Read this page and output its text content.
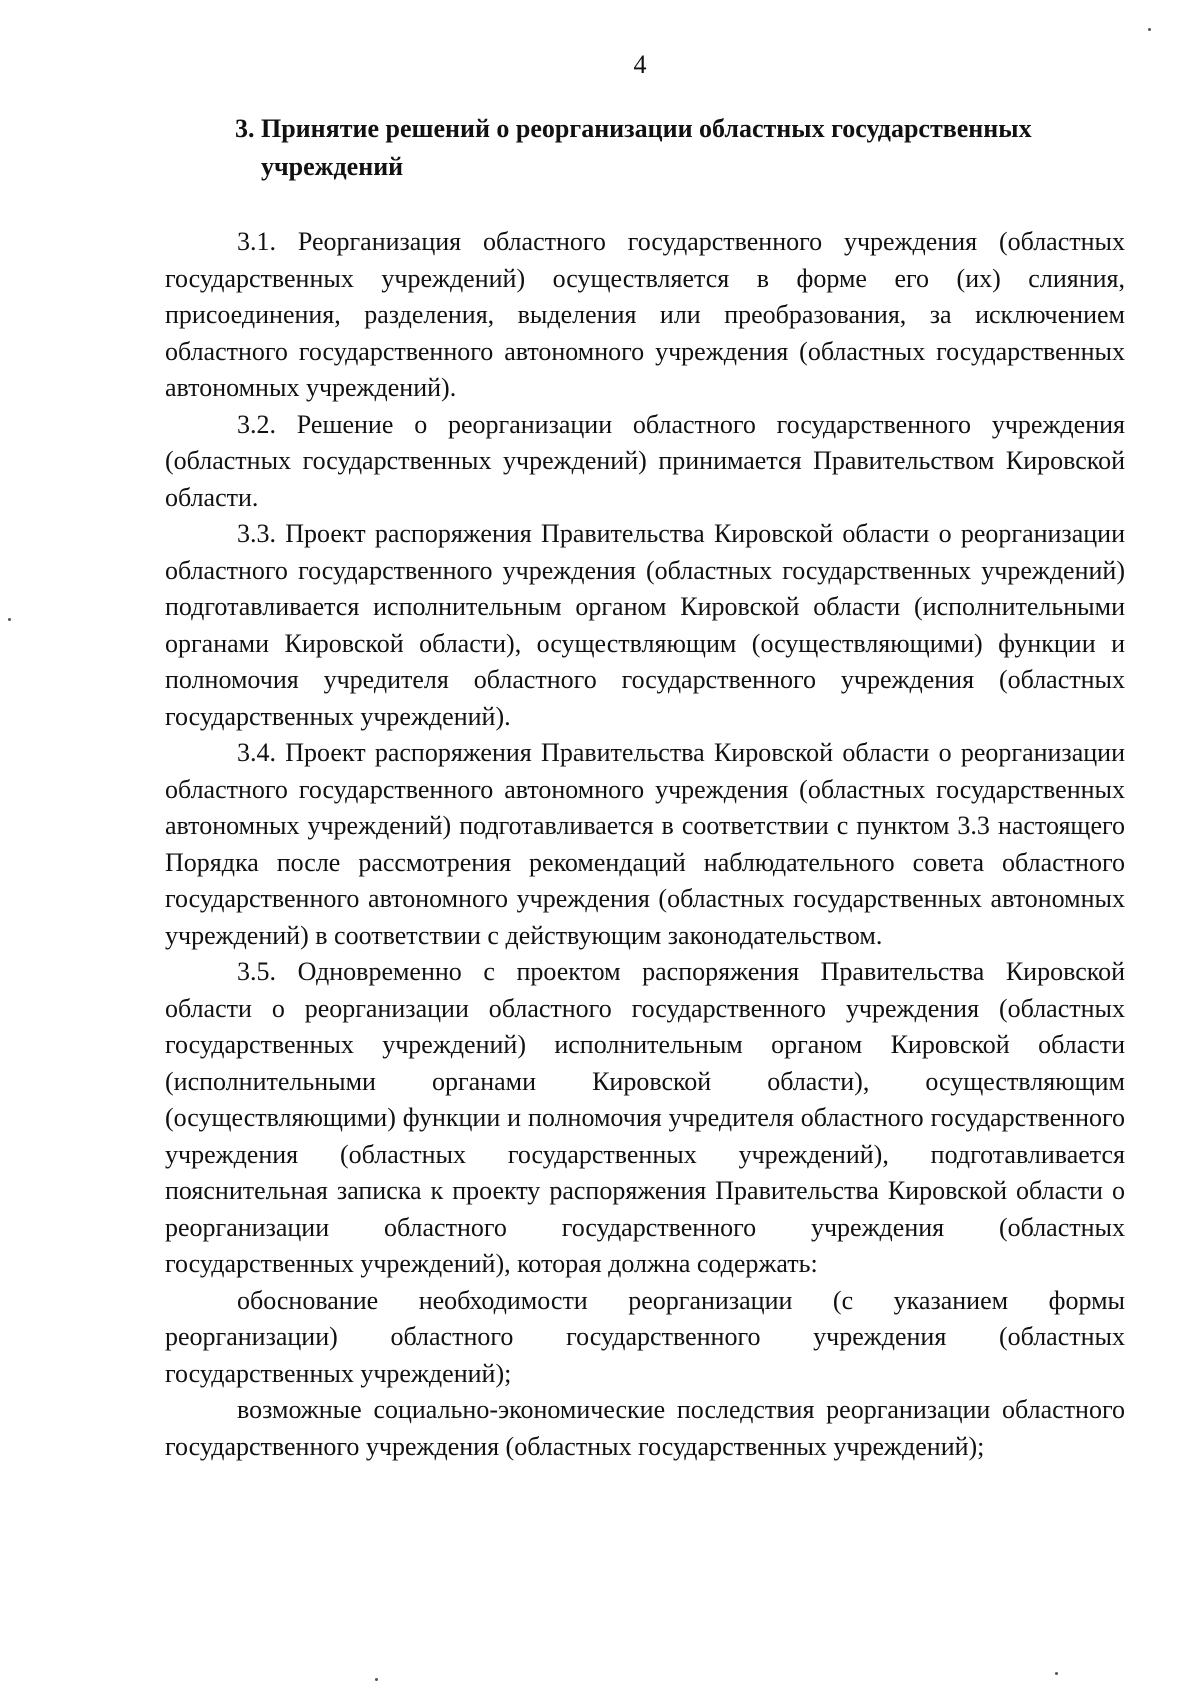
4

3. Принятие решений о реорганизации областных государственных учреждений

3.1. Реорганизация областного государственного учреждения (областных государственных учреждений) осуществляется в форме его (их) слияния, присоединения, разделения, выделения или преобразования, за исключением областного государственного автономного учреждения (областных государственных автономных учреждений).

3.2. Решение о реорганизации областного государственного учреждения (областных государственных учреждений) принимается Правительством Кировской области.

3.3. Проект распоряжения Правительства Кировской области о реорганизации областного государственного учреждения (областных государственных учреждений) подготавливается исполнительным органом Кировской области (исполнительными органами Кировской области), осуществляющим (осуществляющими) функции и полномочия учредителя областного государственного учреждения (областных государственных учреждений).

3.4. Проект распоряжения Правительства Кировской области о реорганизации областного государственного автономного учреждения (областных государственных автономных учреждений) подготавливается в соответствии с пунктом 3.3 настоящего Порядка после рассмотрения рекомендаций наблюдательного совета областного государственного автономного учреждения (областных государственных автономных учреждений) в соответствии с действующим законодательством.

3.5. Одновременно с проектом распоряжения Правительства Кировской области о реорганизации областного государственного учреждения (областных государственных учреждений) исполнительным органом Кировской области (исполнительными органами Кировской области), осуществляющим (осуществляющими) функции и полномочия учредителя областного государственного учреждения (областных государственных учреждений), подготавливается пояснительная записка к проекту распоряжения Правительства Кировской области о реорганизации областного государственного учреждения (областных государственных учреждений), которая должна содержать:

обоснование необходимости реорганизации (с указанием формы реорганизации) областного государственного учреждения (областных государственных учреждений);

возможные социально-экономические последствия реорганизации областного государственного учреждения (областных государственных учреждений);
